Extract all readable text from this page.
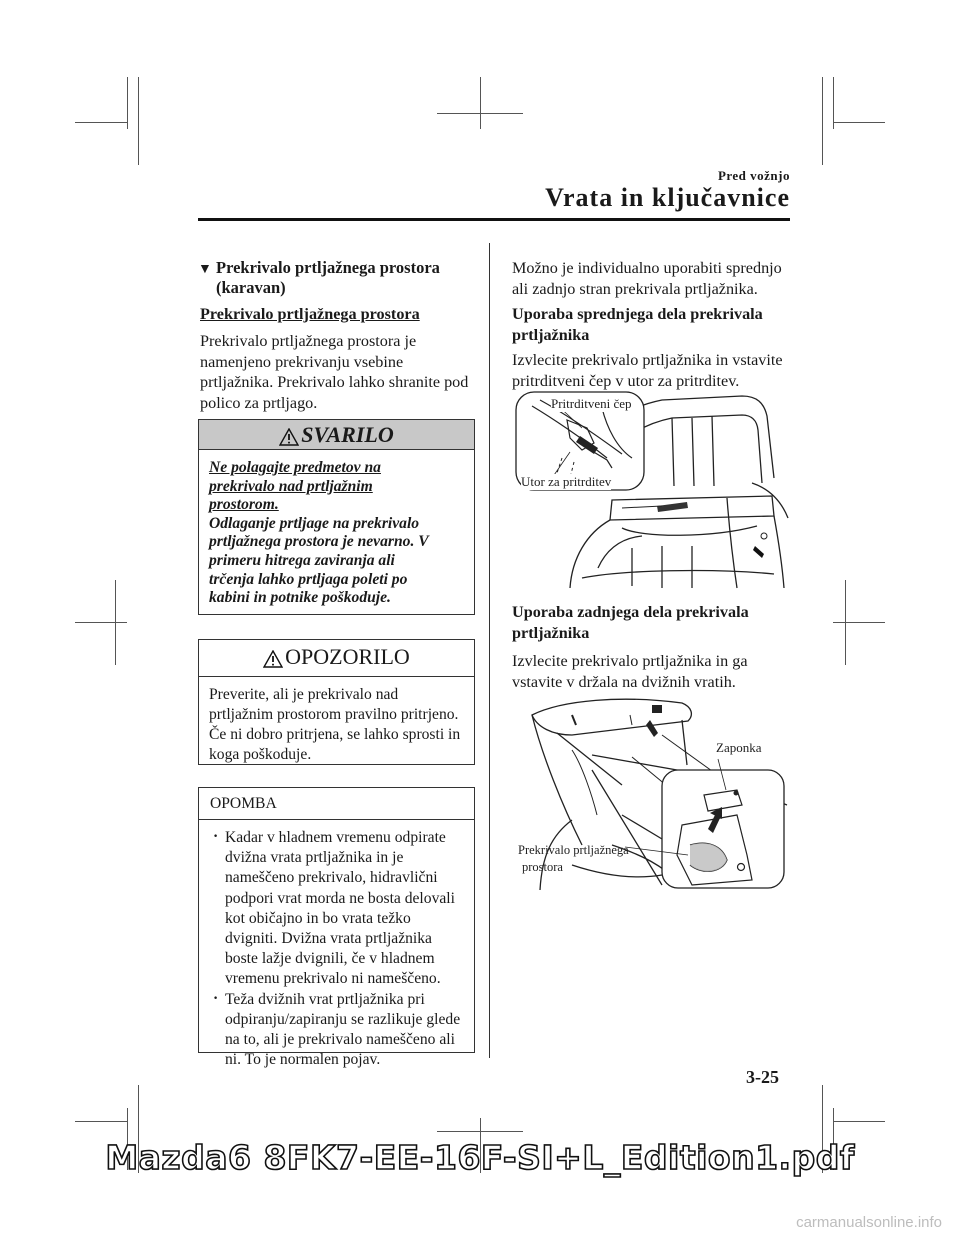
Pred vožnjo
Vrata in ključavnice
▼ Prekrivalo prtljažnega prostora
(karavan)
Prekrivalo prtljažnega prostora
Prekrivalo prtljažnega prostora je
namenjeno prekrivanju vsebine
prtljažnika. Prekrivalo lahko shranite pod
polico za prtljago.
SVARILO
Ne polagajte predmetov na
prekrivalo nad prtljažnim
prostorom.
Odlaganje prtljage na prekrivalo
prtljažnega prostora je nevarno. V
primeru hitrega zaviranja ali
trčenja lahko prtljaga poleti po
kabini in potnike poškoduje.
OPOZORILO
Preverite, ali je prekrivalo nad
prtljažnim prostorom pravilno pritrjeno.
Če ni dobro pritrjena, se lahko sprosti in
koga poškoduje.
OPOMBA
· Kadar v hladnem vremenu odpirate
dvižna vrata prtljažnika in je
nameščeno prekrivalo, hidravlični
podpori vrat morda ne bosta delovali
kot običajno in bo vrata težko
dvigniti. Dvižna vrata prtljažnika
boste lažje dvignili, če v hladnem
vremenu prekrivalo ni nameščeno.
· Teža dvižnih vrat prtljažnika pri
odpiranju/zapiranju se razlikuje glede
na to, ali je prekrivalo nameščeno ali
ni. To je normalen pojav.
Možno je individualno uporabiti sprednjo
ali zadnjo stran prekrivala prtljažnika.
Uporaba sprednjega dela prekrivala
prtljažnika
Izvlecite prekrivalo prtljažnika in vstavite
pritrditveni čep v utor za pritrditev.
Pritrditveni čep
Utor za pritrditev
Uporaba zadnjega dela prekrivala
prtljažnika
Izvlecite prekrivalo prtljažnika in ga
vstavite v držala na dvižnih vratih.
Zaponka
Prekrivalo prtljažnega
prostora
3-25
Mazda6 8FK7-EE-16F-SI+L_Edition1.pdf
carmanualsonline.info
